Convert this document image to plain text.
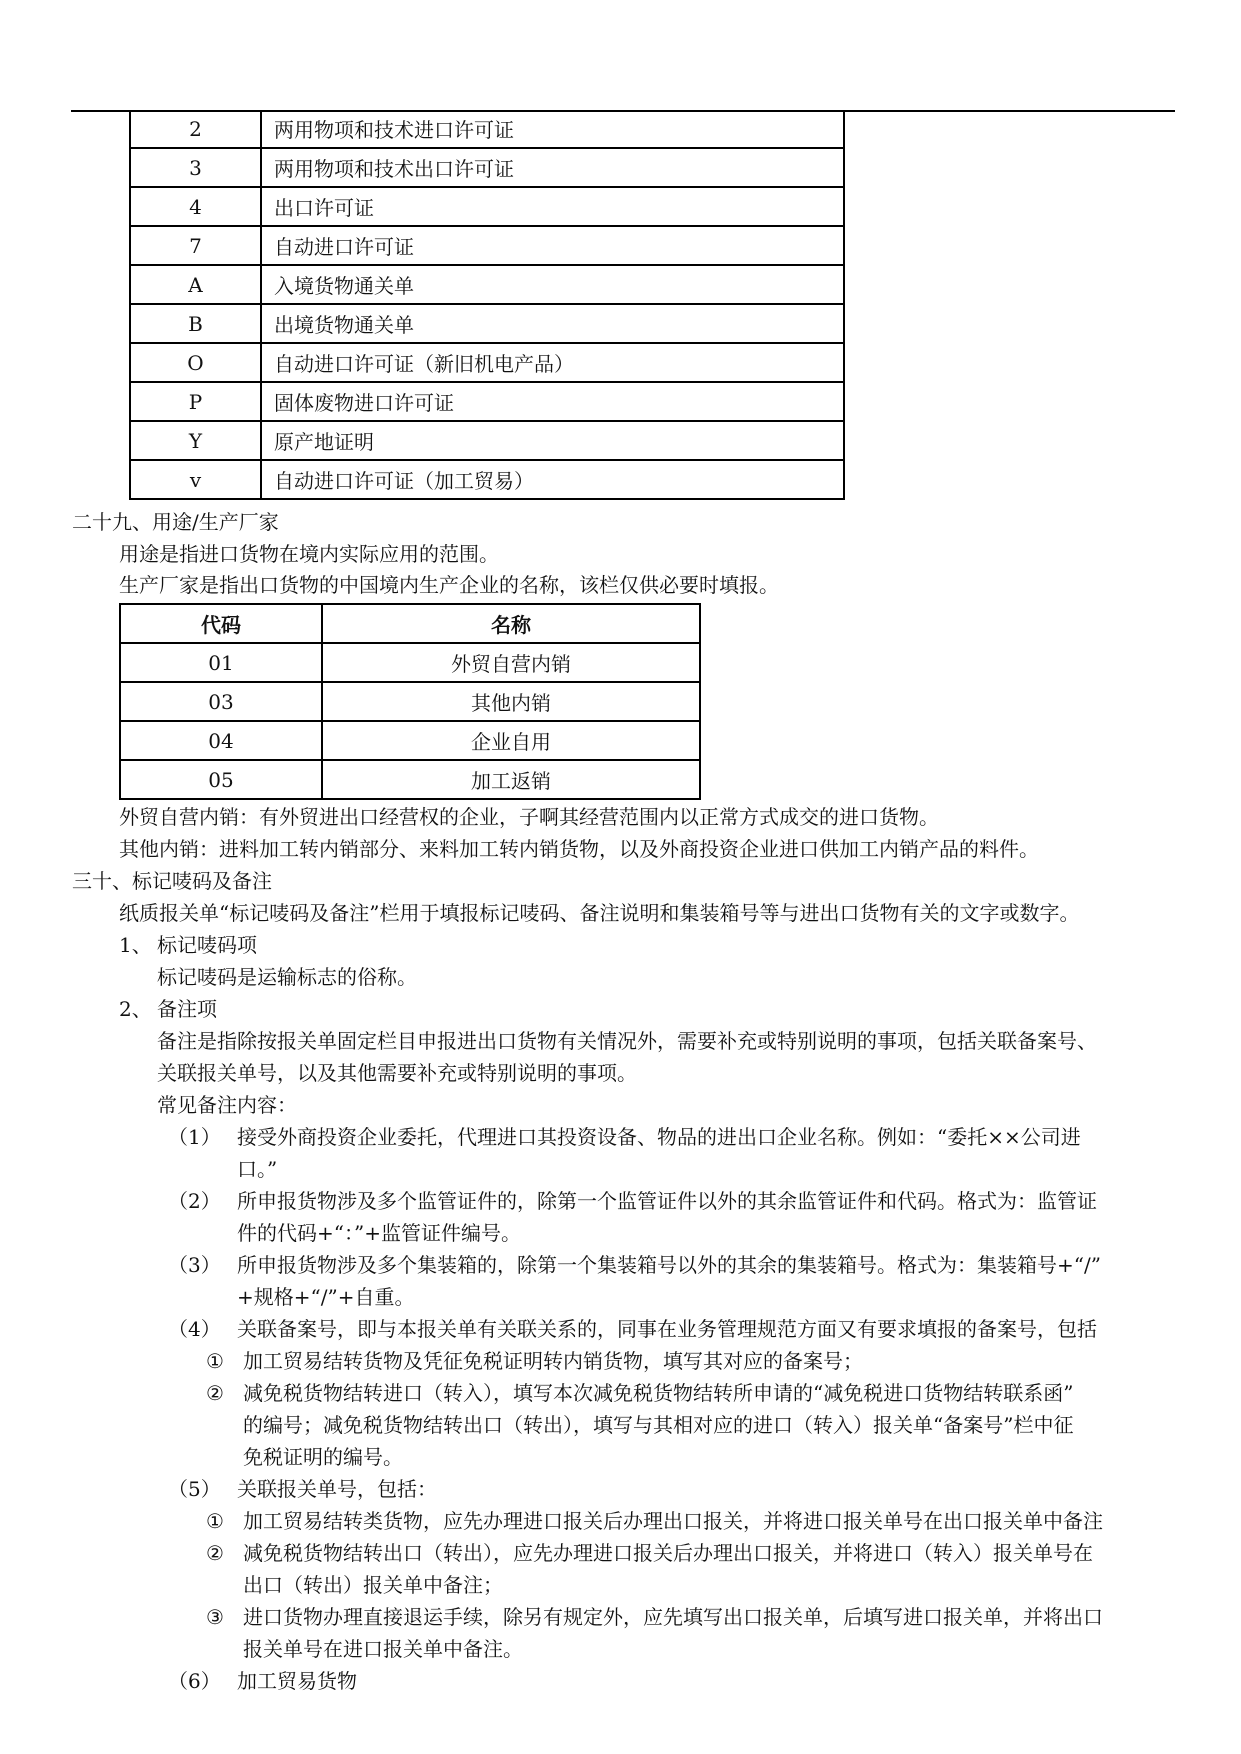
2	两用物项和技术进口许可证
3	两用物项和技术出口许可证
4	出口许可证
7	自动进口许可证
A	入境货物通关单
B	出境货物通关单
O	自动进口许可证（新旧机电产品）
P	固体废物进口许可证
Y	原产地证明
v	自动进口许可证（加工贸易）
二十九、用途/生产厂家
用途是指进口货物在境内实际应用的范围。
生产厂家是指出口货物的中国境内生产企业的名称，该栏仅供必要时填报。
代码	名称
01	外贸自营内销
03	其他内销
04	企业自用
05	加工返销
外贸自营内销：有外贸进出口经营权的企业，子啊其经营范围内以正常方式成交的进口货物。
其他内销：进料加工转内销部分、来料加工转内销货物，以及外商投资企业进口供加工内销产品的料件。
三十、标记唛码及备注
纸质报关单“标记唛码及备注”栏用于填报标记唛码、备注说明和集装箱号等与进出口货物有关的文字或数字。
1、 标记唛码项
标记唛码是运输标志的俗称。
2、 备注项
备注是指除按报关单固定栏目申报进出口货物有关情况外，需要补充或特别说明的事项，包括关联备案号、
关联报关单号，以及其他需要补充或特别说明的事项。
常见备注内容：
（1） 接受外商投资企业委托，代理进口其投资设备、物品的进出口企业名称。例如：“委托××公司进
口。”
（2） 所申报货物涉及多个监管证件的，除第一个监管证件以外的其余监管证件和代码。格式为：监管证
件的代码+“：”+监管证件编号。
（3） 所申报货物涉及多个集装箱的，除第一个集装箱号以外的其余的集装箱号。格式为：集装箱号+“/”
+规格+“/”+自重。
（4） 关联备案号，即与本报关单有关联关系的，同事在业务管理规范方面又有要求填报的备案号，包括
① 加工贸易结转货物及凭征免税证明转内销货物，填写其对应的备案号；
② 减免税货物结转进口（转入），填写本次减免税货物结转所申请的“减免税进口货物结转联系函”
的编号；减免税货物结转出口（转出），填写与其相对应的进口（转入）报关单“备案号”栏中征
免税证明的编号。
（5） 关联报关单号，包括：
① 加工贸易结转类货物，应先办理进口报关后办理出口报关，并将进口报关单号在出口报关单中备注
② 减免税货物结转出口（转出），应先办理进口报关后办理出口报关，并将进口（转入）报关单号在
出口（转出）报关单中备注；
③ 进口货物办理直接退运手续，除另有规定外，应先填写出口报关单，后填写进口报关单，并将出口
报关单号在进口报关单中备注。
（6） 加工贸易货物
